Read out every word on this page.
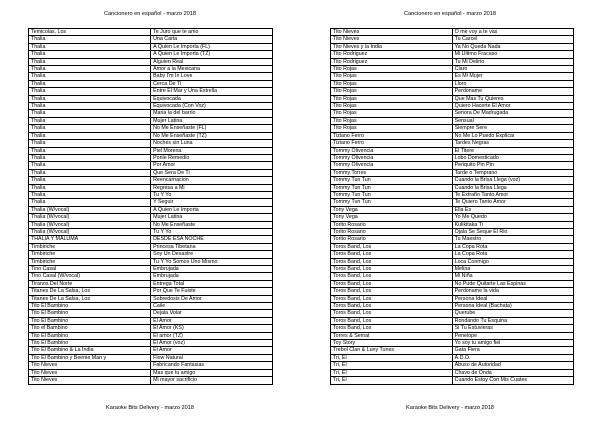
Cancionero en español - marzo 2018
Temicolas, Los	Te Juro que te amo
Thalia	Una Carta
Thalia	A Quien Le Importa (FL)
Thalia	A Quien Le Importa (TZ)
Thalia	Alguien Real
Thalia	Amor a la Mexicana
Thalia	Baby I'm In Love
Thalia	Cerca De Ti
Thalia	Entre El Mar y Una Estrella
Thalia	Equivocada
Thalia	Equivocada (Con Voz)
Thalia	Maria la del barrio
Thalia	Mujer Latina
Thalia	No Me Enseñaste (FL)
Thalia	No Me Enseñaste (TZ)
Thalia	Noches sin Luna
Thalia	Piel Morena
Thalia	Ponle Remedio
Thalia	Por Amor
Thalia	Que Sera De Ti
Thalia	Reencarnacion
Thalia	Regresa a Mi
Thalia	Tu Y Yo
Thalia	Y Seguir
Thalia (W/vocal)	A Quien Le Importa
Thalia (W/vocal)	Mujer Latina
Thalia (W/vocal)	No Me Enseñaste
Thalia (W/vocal)	Tu Y Yo
THALIA Y MALUMA	DESDE ESA NOCHE
Timbiriche	Princesa Tibetana
Timbiriche	Soy Un Desastre
Timbiriche	Tu Y Yo Somos Uno Mismo
Tino Casal	Embrujada
Tino Casal (W/vocal)	Embrujada
Tiranos Del Norte	Entrega Total
Titanes De La Salsa, Los	Por Que Te Fuiste
Titanes De La Salsa, Los	Sobredosis De Amor
Tito El Bambino	Caile
Tito El Bambino	Dejala Volar
Tito El Bambino	El Amor
Tito el Bambino	El Amor (KS)
Tito El Bambino	El amor (TZ)
Tito El Bambino	El Amor (voz)
Tito El Bambino & La India	El Amor
Tito El Bambino y Beenie Man y	Flow Natural
Tito Nieves	Fabricando Fantasias
Tito Nieves	Mas que tu amigo
Tito Nieves	Mi mayor sacrificio
Karaoke Bits Delivery - marzo 2018
Cancionero en español - marzo 2018
Tito Nieves	O me voy a te vas
Tito Nieves	Tu Carcel
Tito Nieves y la India	Ya No Queda Nada
Tito Rodriguez	Mi Ultimo Fracaso
Tito Rodriguez	Tu Mi Delirio
Tito Rojas	Claro
Tito Rojas	Es Mi Mujer
Tito Rojas	Lloro
Tito Rojas	Perdoname
Tito Rojas	Que Mas Tu Quieres
Tito Rojas	Quiero Hacerte El Amor
Tito Rojas	Senora De Madrugada
Tito Rojas	Sensual
Tito Rojas	Siempre Sere
Tiziano Ferro	No Me Lo Puedo Explicar
Tiziano Ferro	Tardes Negras
Tommy Olivencia	El Titere
Tommy Olivencia	Lobo Domesticado
Tommy Olivencia	Periquito Pin Pin
Tommy Torres	Tarde o Temprano
Tommy Tun Tun	Cuando la Brisa Llega (voz)
Tommy Tun Tun	Cuando la Brisa Llega
Tommy Tun Tun	Te Extraño Tanto Amor
Tommy Tun Tun	Te Quiero Tanto Amor
Tony Vega	Ella Es
Tony Vega	Yo Me Quedo
Torito Rosario	Kulikitaka Ti
Torito Rosario	Ojala Se Seque El Rio
Torito Rosario	Tu Maestro
Toros Band, Los	La Copa Rota
Toros Band, Los	La Copa Rota
Toros Band, Los	Loca Conmigo
Toros Band, Los	Melina
Toros Band, Los	Mi Niña
Toros Band, Los	No Pude Quitarte Las Espinas
Toros Band, Los	Perdoname la vida
Toros Band, Los	Persona Ideal
Toros Band, Los	Persona Ideal (Bachata)
Toros Band, Los	Querube
Toros Band, Los	Rondando Tu Esquina
Toros Band, Los	Si Tu Estuvieras
Torres & Semat	Penelope
Toy Story	Yo soy tu amigo fiel
Trebol Clan & Luny Tunes	Gata Fiera
Tri, El	A.D.O.
Tri, El	Abuso de Autoridad
Tri, El	Chavo de Onda
Tri, El	Cuando Estoy Con Mis Cuates
Karaoke Bits Delivery - marzo 2018
